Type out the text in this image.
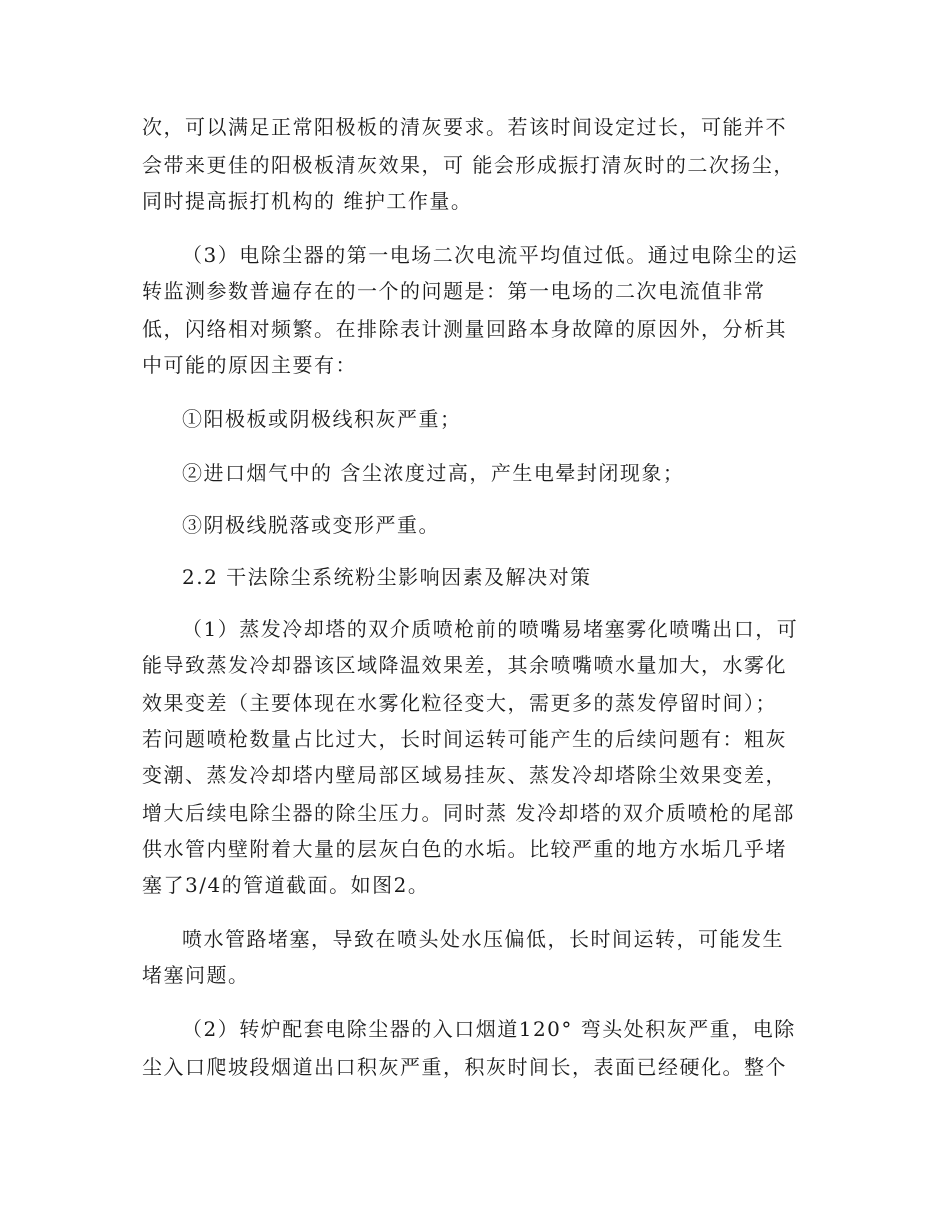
次，可以满足正常阳极板的清灰要求。若该时间设定过长，可能并不

会带来更佳的阳极板清灰效果，可 能会形成振打清灰时的二次扬尘，

同时提高振打机构的 维护工作量。

（3）电除尘器的第一电场二次电流平均值过低。通过电除尘的运

转监测参数普遍存在的一个的问题是：第一电场的二次电流值非常

低，闪络相对频繁。在排除表计测量回路本身故障的原因外，分析其

中可能的原因主要有：

①阳极板或阴极线积灰严重；

②进口烟气中的 含尘浓度过高，产生电晕封闭现象；

③阴极线脱落或变形严重。

2.2 干法除尘系统粉尘影响因素及解决对策

（1）蒸发冷却塔的双介质喷枪前的喷嘴易堵塞雾化喷嘴出口，可

能导致蒸发冷却器该区域降温效果差，其余喷嘴喷水量加大，水雾化

效果变差（主要体现在水雾化粒径变大，需更多的蒸发停留时间）；

若问题喷枪数量占比过大，长时间运转可能产生的后续问题有：粗灰

变潮、蒸发冷却塔内壁局部区域易挂灰、蒸发冷却塔除尘效果变差，

增大后续电除尘器的除尘压力。同时蒸 发冷却塔的双介质喷枪的尾部

供水管内壁附着大量的层灰白色的水垢。比较严重的地方水垢几乎堵

塞了3/4的管道截面。如图2。

喷水管路堵塞，导致在喷头处水压偏低，长时间运转，可能发生

堵塞问题。

（2）转炉配套电除尘器的入口烟道120° 弯头处积灰严重，电除

尘入口爬坡段烟道出口积灰严重，积灰时间长，表面已经硬化。整个
